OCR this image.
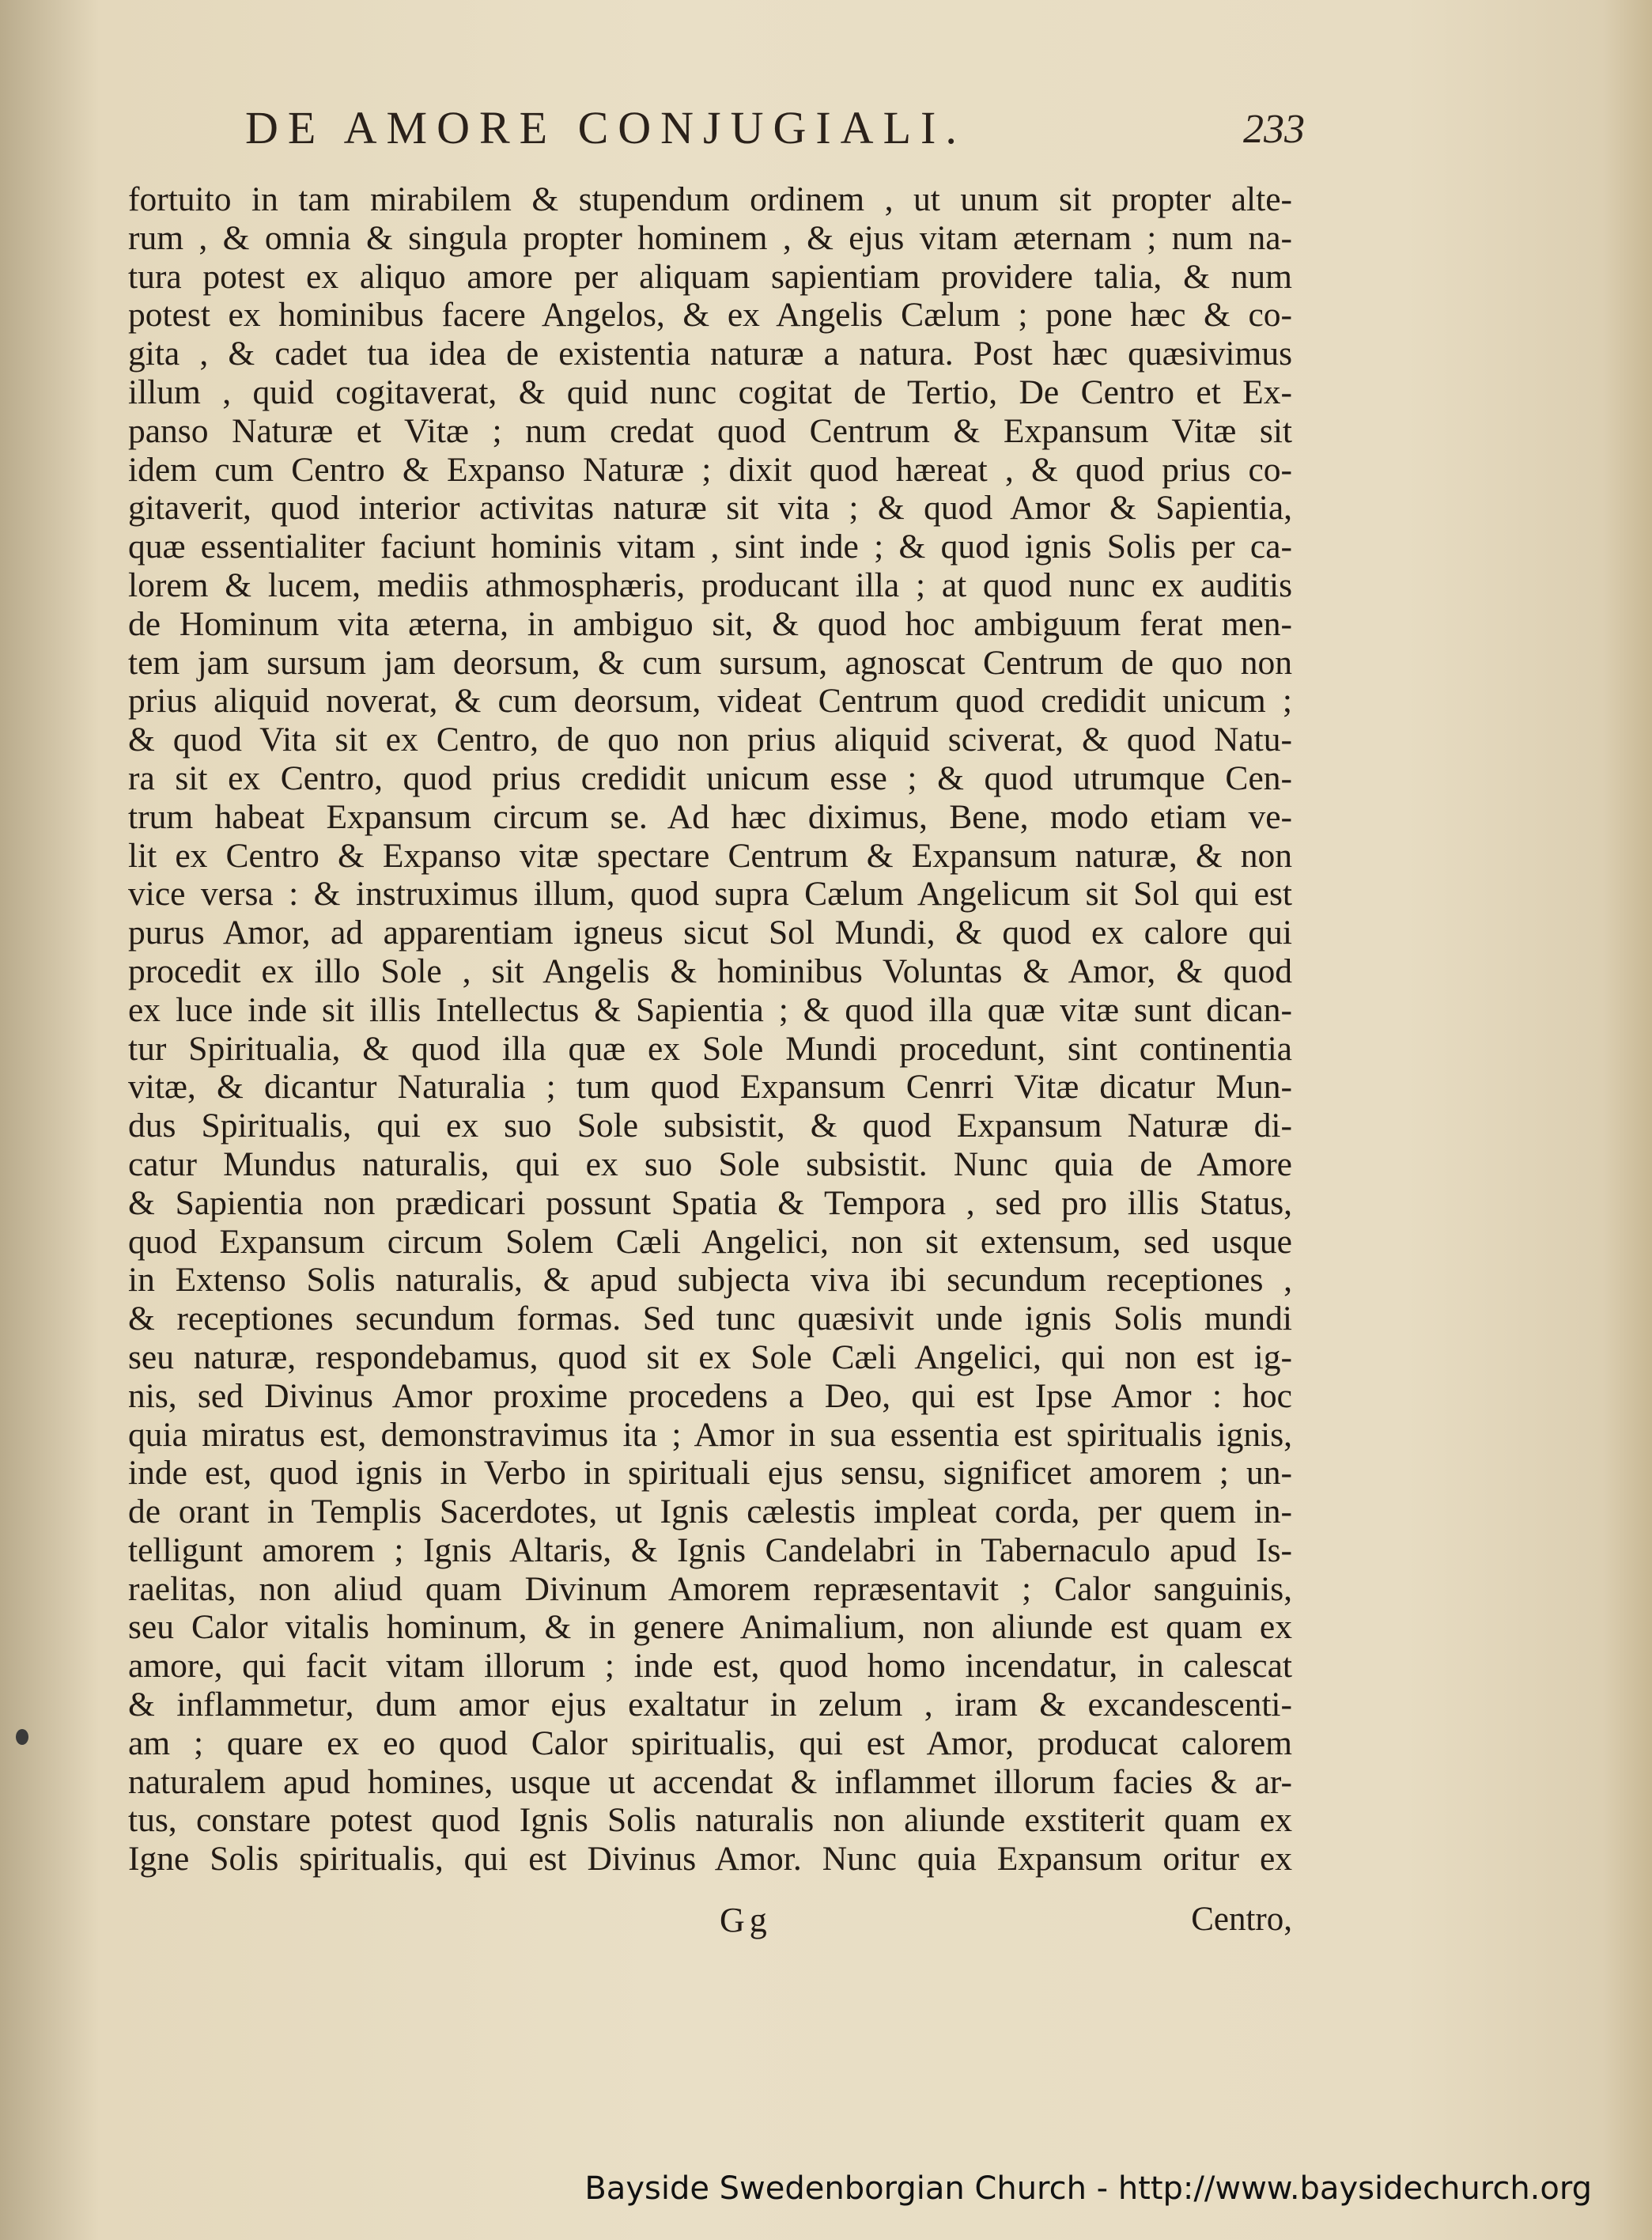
DE AMORE CONJUGIALI.	233
fortuito in tam mirabilem & stupendum ordinem , ut unum sit propter alte-
rum , & omnia & singula propter hominem , & ejus vitam æternam ; num na-
tura potest ex aliquo amore per aliquam sapientiam providere talia, & num
potest ex hominibus facere Angelos, & ex Angelis Cælum ; pone hæc & co-
gita , & cadet tua idea de existentia naturæ a natura. Post hæc quæsivimus
illum , quid cogitaverat, & quid nunc cogitat de Tertio, De Centro et Ex-
panso Naturæ et Vitæ ; num credat quod Centrum & Expansum Vitæ sit
idem cum Centro & Expanso Naturæ ; dixit quod hæreat , & quod prius co-
gitaverit, quod interior activitas naturæ sit vita ; & quod Amor & Sapientia,
quæ essentialiter faciunt hominis vitam , sint inde ; & quod ignis Solis per ca-
lorem & lucem, mediis athmosphæris, producant illa ; at quod nunc ex auditis
de Hominum vita æterna, in ambiguo sit, & quod hoc ambiguum ferat men-
tem jam sursum jam deorsum, & cum sursum, agnoscat Centrum de quo non
prius aliquid noverat, & cum deorsum, videat Centrum quod credidit unicum ;
& quod Vita sit ex Centro, de quo non prius aliquid sciverat, & quod Natu-
ra sit ex Centro, quod prius credidit unicum esse ; & quod utrumque Cen-
trum habeat Expansum circum se. Ad hæc diximus, Bene, modo etiam ve-
lit ex Centro & Expanso vitæ spectare Centrum & Expansum naturæ, & non
vice versa : & instruximus illum, quod supra Cælum Angelicum sit Sol qui est
purus Amor, ad apparentiam igneus sicut Sol Mundi, & quod ex calore qui
procedit ex illo Sole , sit Angelis & hominibus Voluntas & Amor, & quod
ex luce inde sit illis Intellectus & Sapientia ; & quod illa quæ vitæ sunt dican-
tur Spiritualia, & quod illa quæ ex Sole Mundi procedunt, sint continentia
vitæ, & dicantur Naturalia ; tum quod Expansum Cenrri Vitæ dicatur Mun-
dus Spiritualis, qui ex suo Sole subsistit, & quod Expansum Naturæ di-
catur Mundus naturalis, qui ex suo Sole subsistit. Nunc quia de Amore
& Sapientia non prædicari possunt Spatia & Tempora , sed pro illis Status,
quod Expansum circum Solem Cæli Angelici, non sit extensum, sed usque
in Extenso Solis naturalis, & apud subjecta viva ibi secundum receptiones ,
& receptiones secundum formas. Sed tunc quæsivit unde ignis Solis mundi
seu naturæ, respondebamus, quod sit ex Sole Cæli Angelici, qui non est ig-
nis, sed Divinus Amor proxime procedens a Deo, qui est Ipse Amor : hoc
quia miratus est, demonstravimus ita ; Amor in sua essentia est spiritualis ignis,
inde est, quod ignis in Verbo in spirituali ejus sensu, significet amorem ; un-
de orant in Templis Sacerdotes, ut Ignis cælestis impleat corda, per quem in-
telligunt amorem ; Ignis Altaris, & Ignis Candelabri in Tabernaculo apud Is-
raelitas, non aliud quam Divinum Amorem repræsentavit ; Calor sanguinis,
seu Calor vitalis hominum, & in genere Animalium, non aliunde est quam ex
amore, qui facit vitam illorum ; inde est, quod homo incendatur, in calescat
& inflammetur, dum amor ejus exaltatur in zelum , iram & excandescenti-
am ; quare ex eo quod Calor spiritualis, qui est Amor, producat calorem
naturalem apud homines, usque ut accendat & inflammet illorum facies & ar-
tus, constare potest quod Ignis Solis naturalis non aliunde exstiterit quam ex
Igne Solis spiritualis, qui est Divinus Amor. Nunc quia Expansum oritur ex
Gg	Centro,
Bayside Swedenborgian Church - http://www.baysidechurch.org
